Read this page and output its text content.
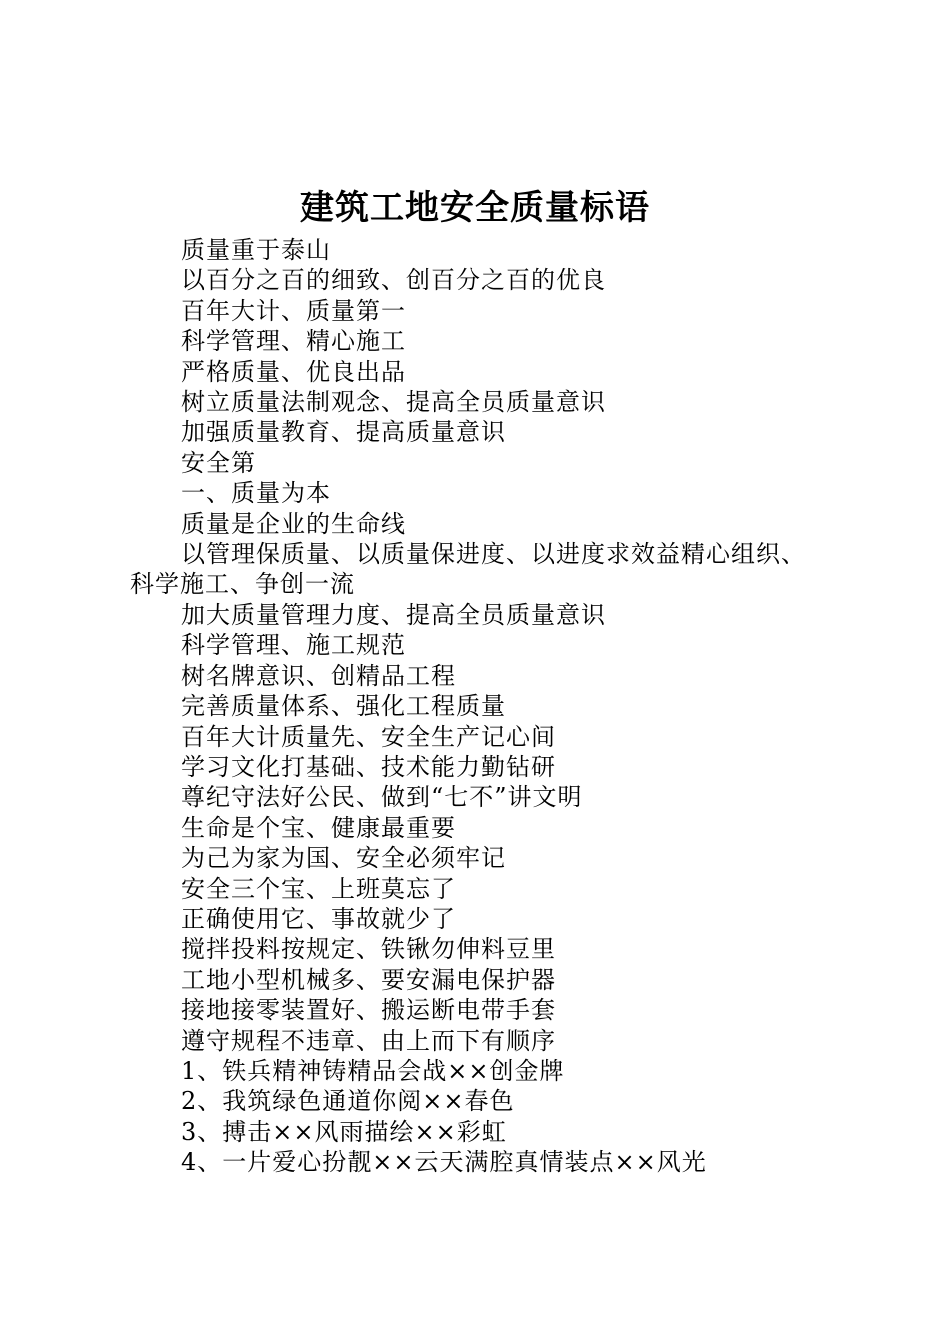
建筑工地安全质量标语
质量重于泰山
以百分之百的细致、创百分之百的优良
百年大计、质量第一
科学管理、精心施工
严格质量、优良出品
树立质量法制观念、提高全员质量意识
加强质量教育、提高质量意识
安全第
一、质量为本
质量是企业的生命线
以管理保质量、以质量保进度、以进度求效益精心组织、科学施工、争创一流
加大质量管理力度、提高全员质量意识
科学管理、施工规范
树名牌意识、创精品工程
完善质量体系、强化工程质量
百年大计质量先、安全生产记心间
学习文化打基础、技术能力勤钻研
尊纪守法好公民、做到“七不”讲文明
生命是个宝、健康最重要
为己为家为国、安全必须牢记
安全三个宝、上班莫忘了
正确使用它、事故就少了
搅拌投料按规定、铁锹勿伸料豆里
工地小型机械多、要安漏电保护器
接地接零装置好、搬运断电带手套
遵守规程不违章、由上而下有顺序
1、铁兵精神铸精品会战××创金牌
2、我筑绿色通道你阅××春色
3、搏击××风雨描绘××彩虹
4、一片爱心扮靓××云天满腔真情装点××风光
